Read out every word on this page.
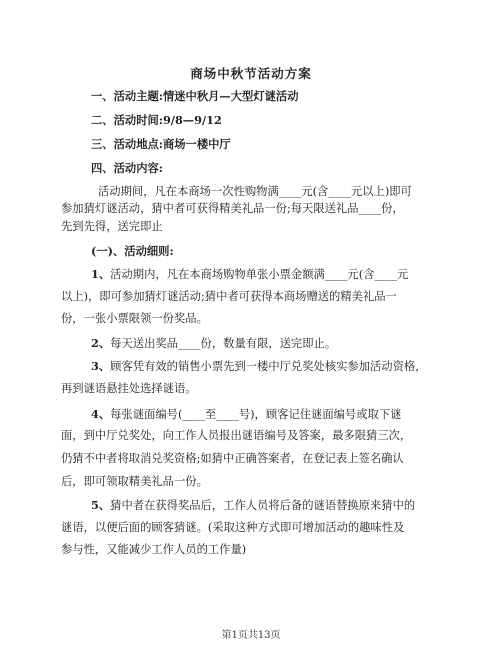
商场中秋节活动方案
一、活动主题:情迷中秋月—大型灯谜活动
二、活动时间:9/8—9/12
三、活动地点:商场一楼中厅
四、活动内容:
活动期间，凡在本商场一次性购物满____元(含____元以上)即可
参加猜灯谜活动，猜中者可获得精美礼品一份;每天限送礼品____份，
先到先得，送完即止
(一)、活动细则:
1、活动期内，凡在本商场购物单张小票金额满____元(含____元
以上)，即可参加猜灯谜活动;猜中者可获得本商场赠送的精美礼品一
份，一张小票限领一份奖品。
2、每天送出奖品____份，数量有限，送完即止。
3、顾客凭有效的销售小票先到一楼中厅兑奖处核实参加活动资格，
再到谜语悬挂处选择谜语。
4、每张谜面编号(____至____号)，顾客记住谜面编号或取下谜
面，到中厅兑奖处，向工作人员报出谜语编号及答案，最多限猜三次，
仍猜不中者将取消兑奖资格;如猜中正确答案者，在登记表上签名确认
后，即可领取精美礼品一份。
5、猜中者在获得奖品后，工作人员将后备的谜语替换原来猜中的
谜语，以便后面的顾客猜谜。(采取这种方式即可增加活动的趣味性及
参与性，又能减少工作人员的工作量)
第1页共13页
